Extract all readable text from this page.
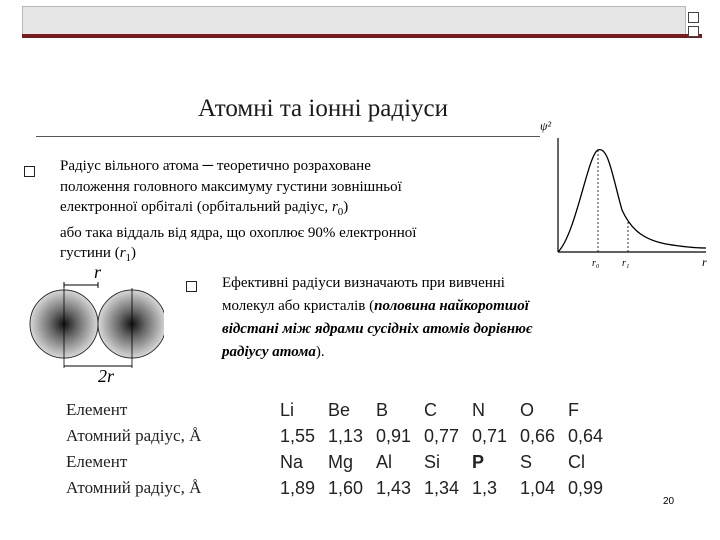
Атомні та іонні радіуси
Радіус вільного атома ─ теоретично розраховане
положення головного максимуму густини зовнішньої
електронної орбіталі (орбітальний радіус, $r_0$)
або така віддаль від ядра, що охоплює 90% електронної
густини $(r_1)$
ψ²
r₀ r₁	r
r
2r
Ефективні радіуси визначають при вивченні
молекул або кристалів (половина найкоротшої
відстані між ядрами сусідніх атомів дорівнює
радіусу атома).
Елемент	Li	Be	B	C	N	O	F
Атомний радіус, Å	1,55	1,13	0,91	0,77	0,71	0,66	0,64
Елемент	Na	Mg	Al	Si	P	S	Cl
Атомний радіус, Å	1,89	1,60	1,43	1,34	1,3	1,04	0,99
20
